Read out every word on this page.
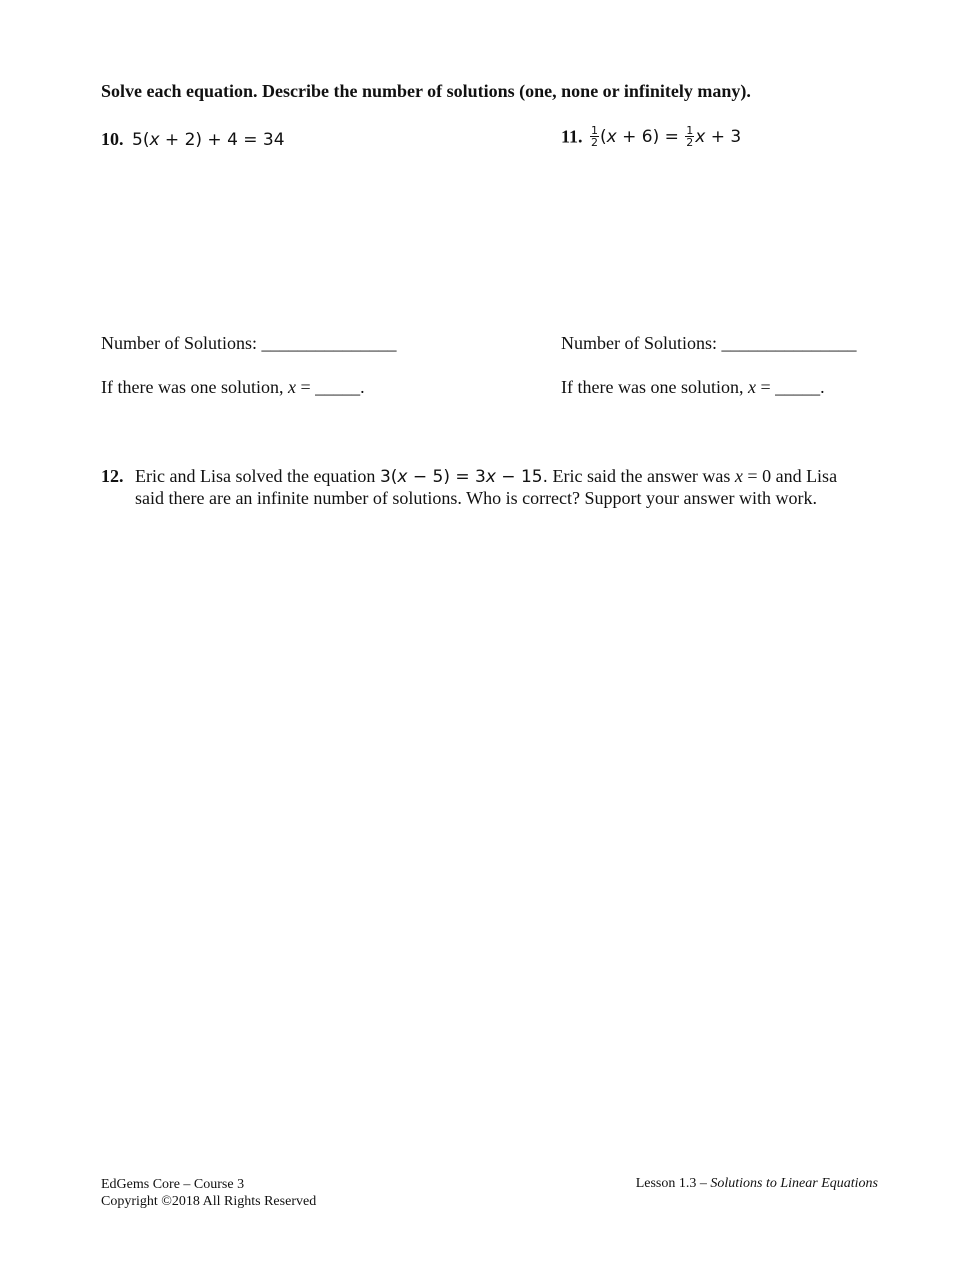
Solve each equation. Describe the number of solutions (one, none or infinitely many).
10. 5(x + 2) + 4 = 34	11. $\frac{1}{2} (x + 6) = \frac{1}{2}$ x + 3
Number of Solutions: _______________	Number of Solutions: _______________
If there was one solution, x = _____.	If there was one solution, x = _____.
12. Eric and Lisa solved the equation 3(x − 5) = 3x − 15. Eric said the answer was x = 0 and Lisa
said there are an infinite number of solutions. Who is correct? Support your answer with work.
EdGems Core – Course 3
Copyright ©2018 All Rights Reserved
Lesson 1.3 – Solutions to Linear Equations
